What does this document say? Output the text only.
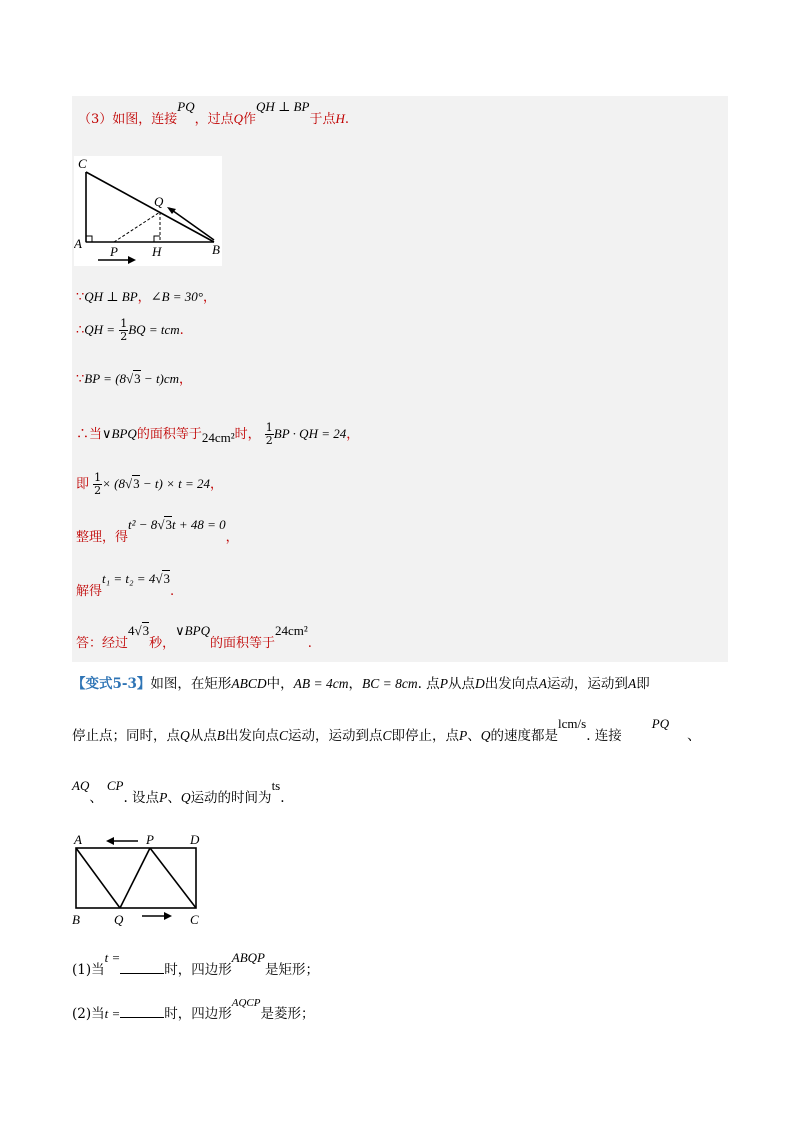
（3）如图，连接PQ，过点Q作QH ⊥ BP于点H.
C
Q
A
P	H	B
∵QH ⊥ BP，∠B = 30°，
∴QH = $\frac{1}{2}$ BQ = tcm.
∵BP = (8√3 − t)cm，
∴当∨BPQ的面积等于24cm²时， $\frac{1}{2}$ BP · QH = 24，
即 $\frac{1}{2} \times (8√3 - t) \times t = 24$，
整理，得t² − 8√3t + 48 = 0，
解得t₁ = t₂ = 4√3.
答：经过4√3秒，∨BPQ的面积等于24cm².
【变式5-3】如图，在矩形ABCD中，AB = 4cm，BC = 8cm. 点P从点D出发向点A运动，运动到A即
停止点；同时，点Q从点B出发向点C运动，运动到点C即停止，点P、Q的速度都是lcm/s. 连接PQ、
AQ、CP. 设点P、Q运动的时间为ts.
A	P	D
B	Q	C
(1)当t =时，四边形ABQP是矩形；
(2)当t =	时，四边形$^{AQCP}$是菱形；
